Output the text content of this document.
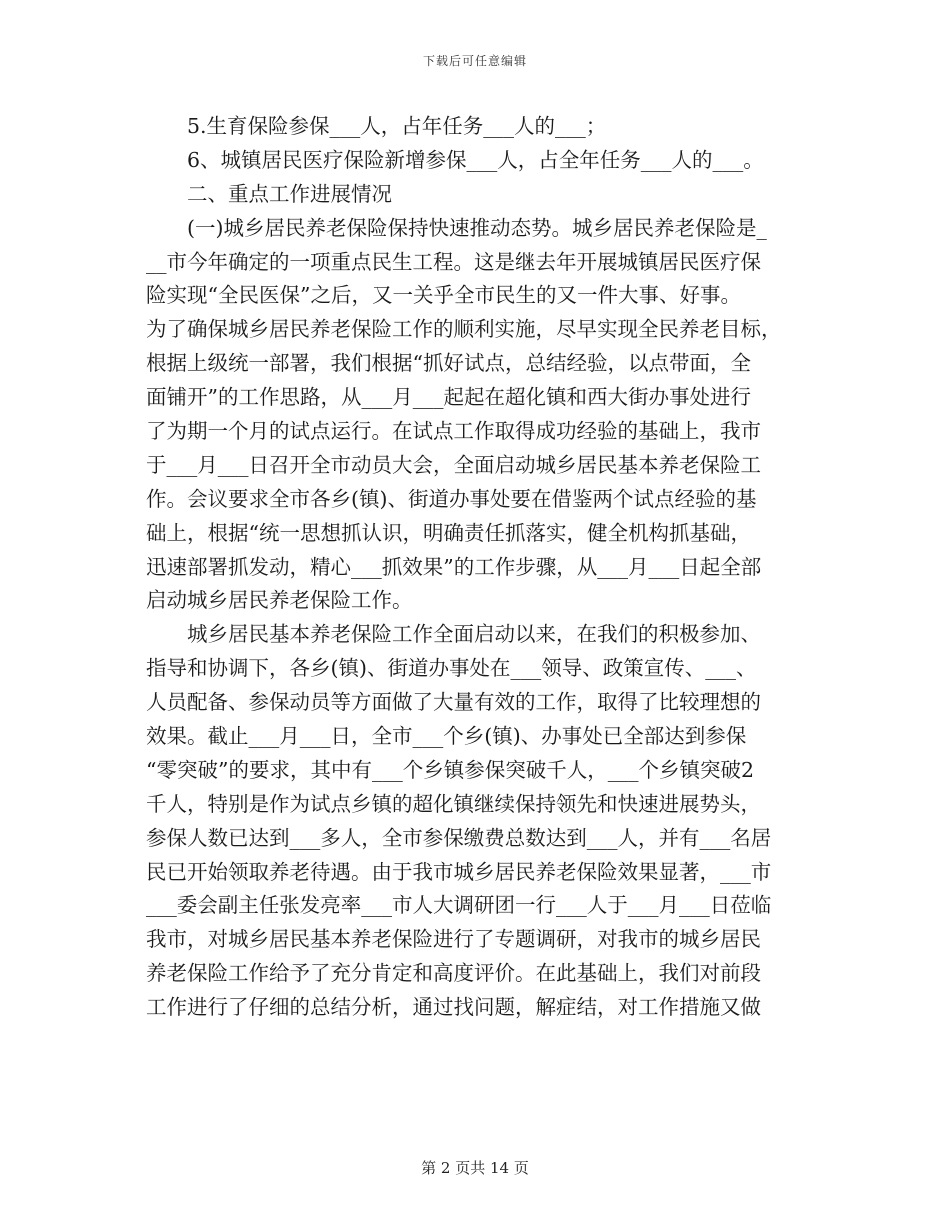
下载后可任意编辑
5.生育保险参保___人，占年任务___人的___；
6、城镇居民医疗保险新增参保___人，占全年任务___人的___。
二、重点工作进展情况
(一)城乡居民养老保险保持快速推动态势。城乡居民养老保险是_
__市今年确定的一项重点民生工程。这是继去年开展城镇居民医疗保
险实现“全民医保”之后，又一关乎全市民生的又一件大事、好事。
为了确保城乡居民养老保险工作的顺利实施，尽早实现全民养老目标，
根据上级统一部署，我们根据“抓好试点，总结经验，以点带面，全
面铺开”的工作思路，从___月___起起在超化镇和西大街办事处进行
了为期一个月的试点运行。在试点工作取得成功经验的基础上，我市
于___月___日召开全市动员大会，全面启动城乡居民基本养老保险工
作。会议要求全市各乡(镇)、街道办事处要在借鉴两个试点经验的基
础上，根据“统一思想抓认识，明确责任抓落实，健全机构抓基础，
迅速部署抓发动，精心___抓效果”的工作步骤，从___月___日起全部
启动城乡居民养老保险工作。
城乡居民基本养老保险工作全面启动以来，在我们的积极参加、
指导和协调下，各乡(镇)、街道办事处在___领导、政策宣传、___、
人员配备、参保动员等方面做了大量有效的工作，取得了比较理想的
效果。截止___月___日，全市___个乡(镇)、办事处已全部达到参保
“零突破”的要求，其中有___个乡镇参保突破千人，___个乡镇突破2
千人，特别是作为试点乡镇的超化镇继续保持领先和快速进展势头，
参保人数已达到___多人，全市参保缴费总数达到___人，并有___名居
民已开始领取养老待遇。由于我市城乡居民养老保险效果显著，___市
___委会副主任张发亮率___市人大调研团一行___人于___月___日莅临
我市，对城乡居民基本养老保险进行了专题调研，对我市的城乡居民
养老保险工作给予了充分肯定和高度评价。在此基础上，我们对前段
工作进行了仔细的总结分析，通过找问题，解症结，对工作措施又做
第 2 页共 14 页
